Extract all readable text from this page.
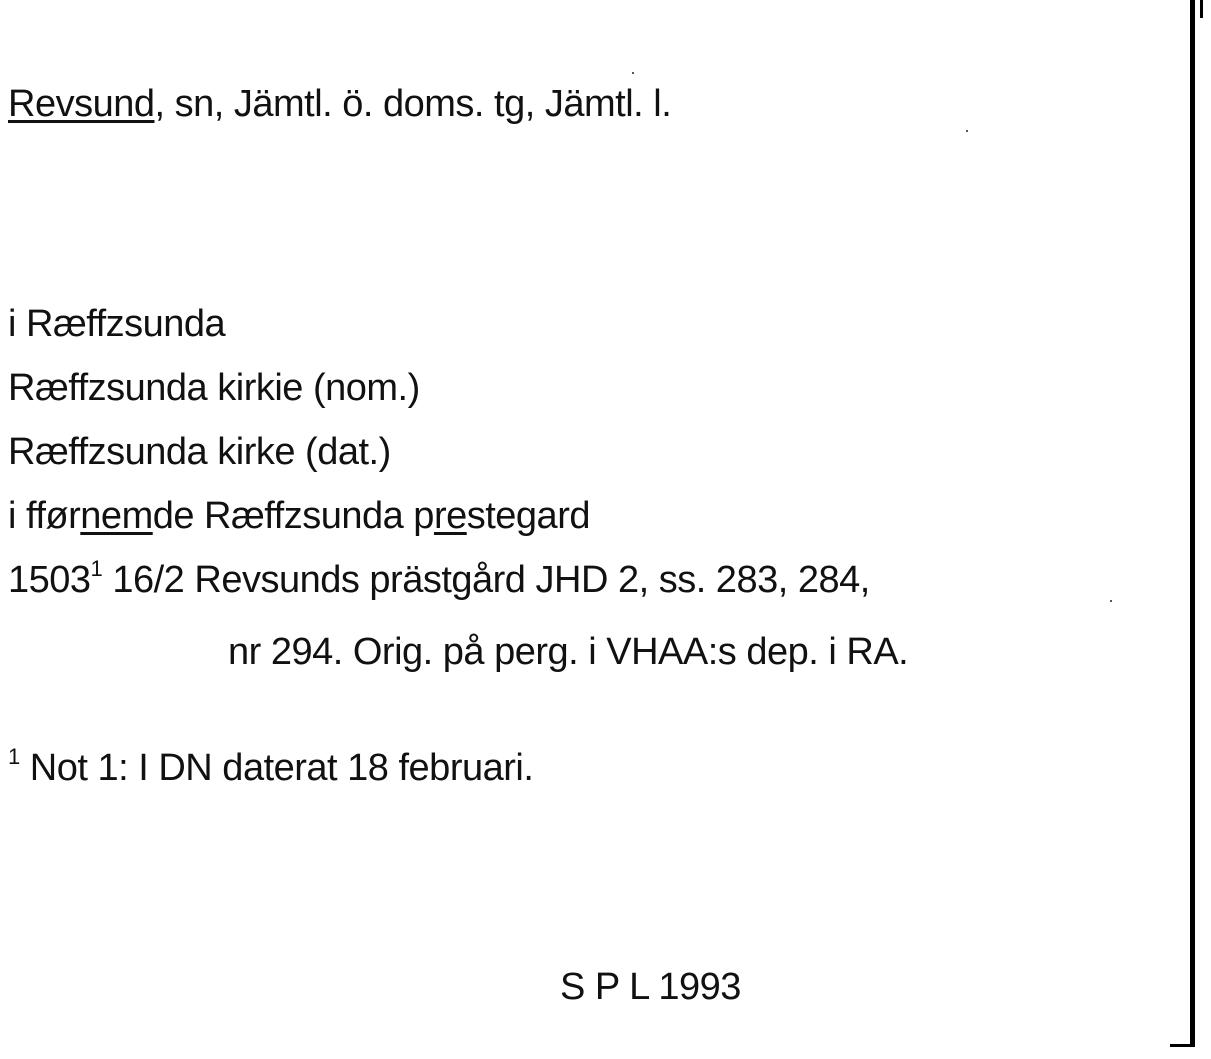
Revsund, sn, Jämtl. ö. doms. tg, Jämtl. l.
i Ræffzsunda
Ræffzsunda kirkie (nom.)
Ræffzsunda kirke (dat.)
i fførnemde Ræffzsunda prestegard
1503$^1$ 16/2 Revsunds prästgård JHD 2, ss. 283, 284,
nr 294. Orig. på perg. i VHAA:s dep. i RA.
$^1$ Not 1: I DN daterat 18 februari.
S P L 1993
